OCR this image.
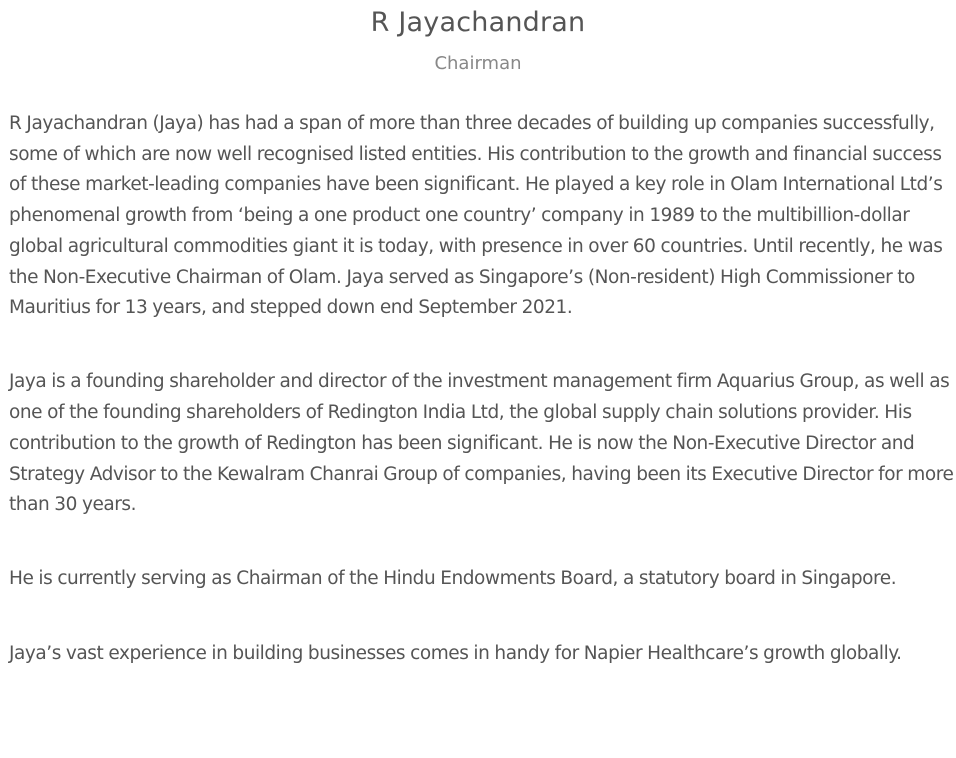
R Jayachandran
Chairman

R Jayachandran (Jaya) has had a span of more than three decades of building up companies successfully, some of which are now well recognised listed entities. His contribution to the growth and financial success of these market-leading companies have been significant. He played a key role in Olam International Ltd’s phenomenal growth from ‘being a one product one country’ company in 1989 to the multibillion-dollar global agricultural commodities giant it is today, with presence in over 60 countries. Until recently, he was the Non-Executive Chairman of Olam. Jaya served as Singapore’s (Non-resident) High Commissioner to Mauritius for 13 years, and stepped down end September 2021.

Jaya is a founding shareholder and director of the investment management firm Aquarius Group, as well as one of the founding shareholders of Redington India Ltd, the global supply chain solutions provider. His contribution to the growth of Redington has been significant. He is now the Non-Executive Director and Strategy Advisor to the Kewalram Chanrai Group of companies, having been its Executive Director for more than 30 years.

He is currently serving as Chairman of the Hindu Endowments Board, a statutory board in Singapore.

Jaya’s vast experience in building businesses comes in handy for Napier Healthcare’s growth globally.
